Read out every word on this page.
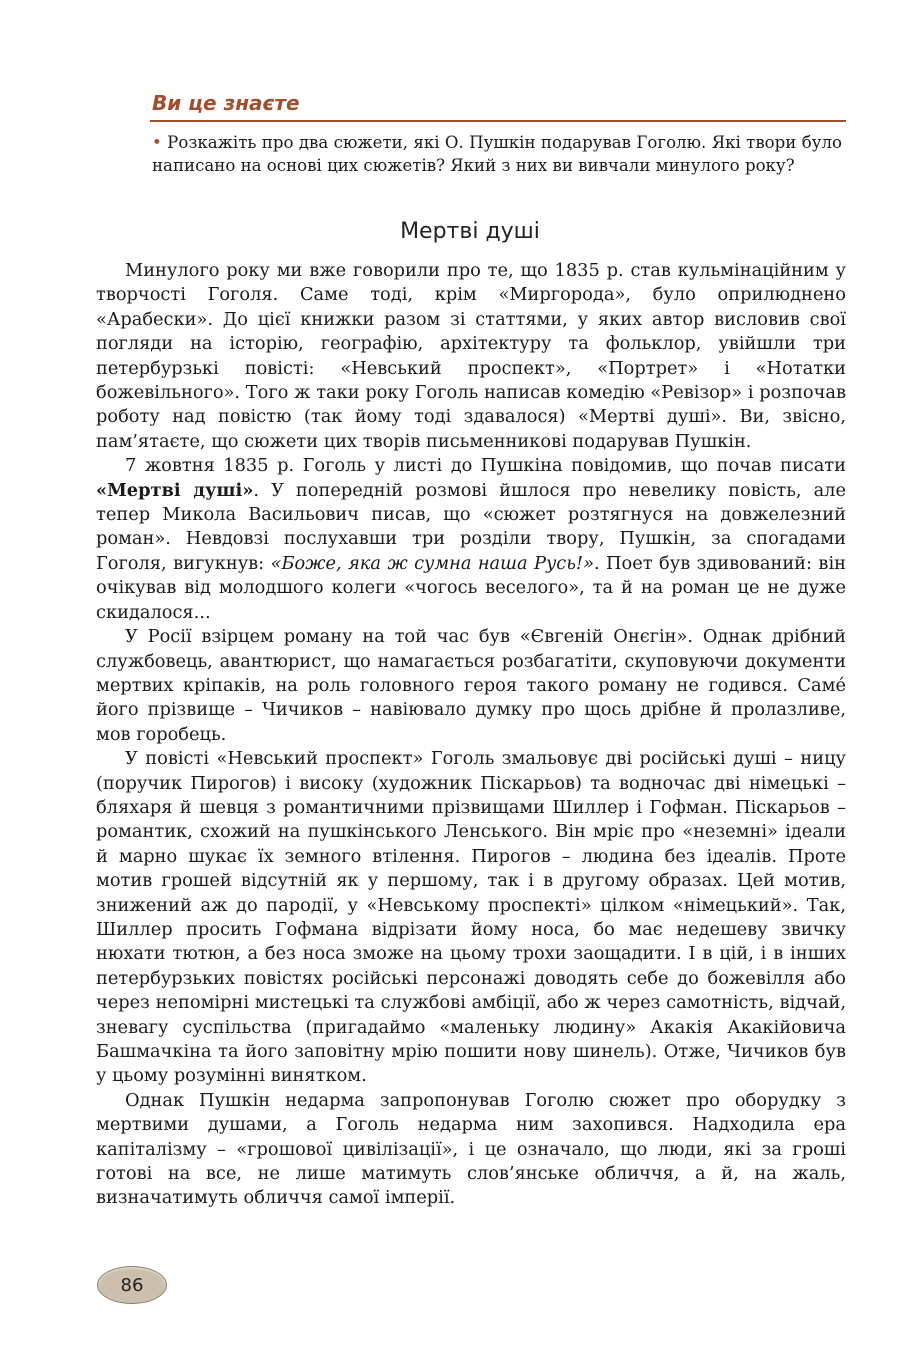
Ви це знаєте

• Розкажіть про два сюжети, які О. Пушкін подарував Гоголю. Які твори було написано на основі цих сюжетів? Який з них ви вивчали минулого року?

Мертві душі

Минулого року ми вже говорили про те, що 1835 р. став кульмінаційним у творчості Гоголя. Саме тоді, крім «Миргорода», було оприлюднено «Арабески». До цієї книжки разом зі статтями, у яких автор висловив свої погляди на історію, географію, архітектуру та фольклор, увійшли три петербурзькі повісті: «Невський проспект», «Портрет» і «Нотатки божевільного». Того ж таки року Гоголь написав комедію «Ревізор» і розпочав роботу над повістю (так йому тоді здавалося) «Мертві душі». Ви, звісно, пам’ятаєте, що сюжети цих творів письменникові подарував Пушкін.

7 жовтня 1835 р. Гоголь у листі до Пушкіна повідомив, що почав писати «Мертві душі». У попередній розмові йшлося про невелику повість, але тепер Микола Васильович писав, що «сюжет розтягнуся на довжелезний роман». Невдовзі послухавши три розділи твору, Пушкін, за спогадами Гоголя, вигукнув: «Боже, яка ж сумна наша Русь!». Поет був здивований: він очікував від молодшого колеги «чогось веселого», та й на роман це не дуже скидалося...

У Росії взірцем роману на той час був «Євгеній Онєгін». Однак дрібний службовець, авантюрист, що намагається розбагатіти, скуповуючи документи мертвих кріпаків, на роль головного героя такого роману не годився. Саме́ його прізвище – Чичиков – навіювало думку про щось дрібне й пролазливе, мов горобець.

У повісті «Невський проспект» Гоголь змальовує дві російські душі – ницу (поручик Пирогов) і високу (художник Піскарьов) та водночас дві німецькі – бляхаря й шевця з романтичними прізвищами Шиллер і Гофман. Піскарьов – романтик, схожий на пушкінського Ленського. Він мріє про «неземні» ідеали й марно шукає їх земного втілення. Пирогов – людина без ідеалів. Проте мотив грошей відсутній як у першому, так і в другому образах. Цей мотив, знижений аж до пародії, у «Невському проспекті» цілком «німецький». Так, Шиллер просить Гофмана відрізати йому носа, бо має недешеву звичку нюхати тютюн, а без носа зможе на цьому трохи заощадити. І в цій, і в інших петербурзьких повістях російські персонажі доводять себе до божевілля або через непомірні мистецькі та службові амбіції, або ж через самотність, відчай, зневагу суспільства (пригадаймо «маленьку людину» Акакія Акакійовича Башмачкіна та його заповітну мрію пошити нову шинель). Отже, Чичиков був у цьому розумінні винятком.

Однак Пушкін недарма запропонував Гоголю сюжет про оборудку з мертвими душами, а Гоголь недарма ним захопився. Надходила ера капіталізму – «грошової цивілізації», і це означало, що люди, які за гроші готові на все, не лише матимуть слов’янське обличчя, а й, на жаль, визначатимуть обличчя самої імперії.

86
